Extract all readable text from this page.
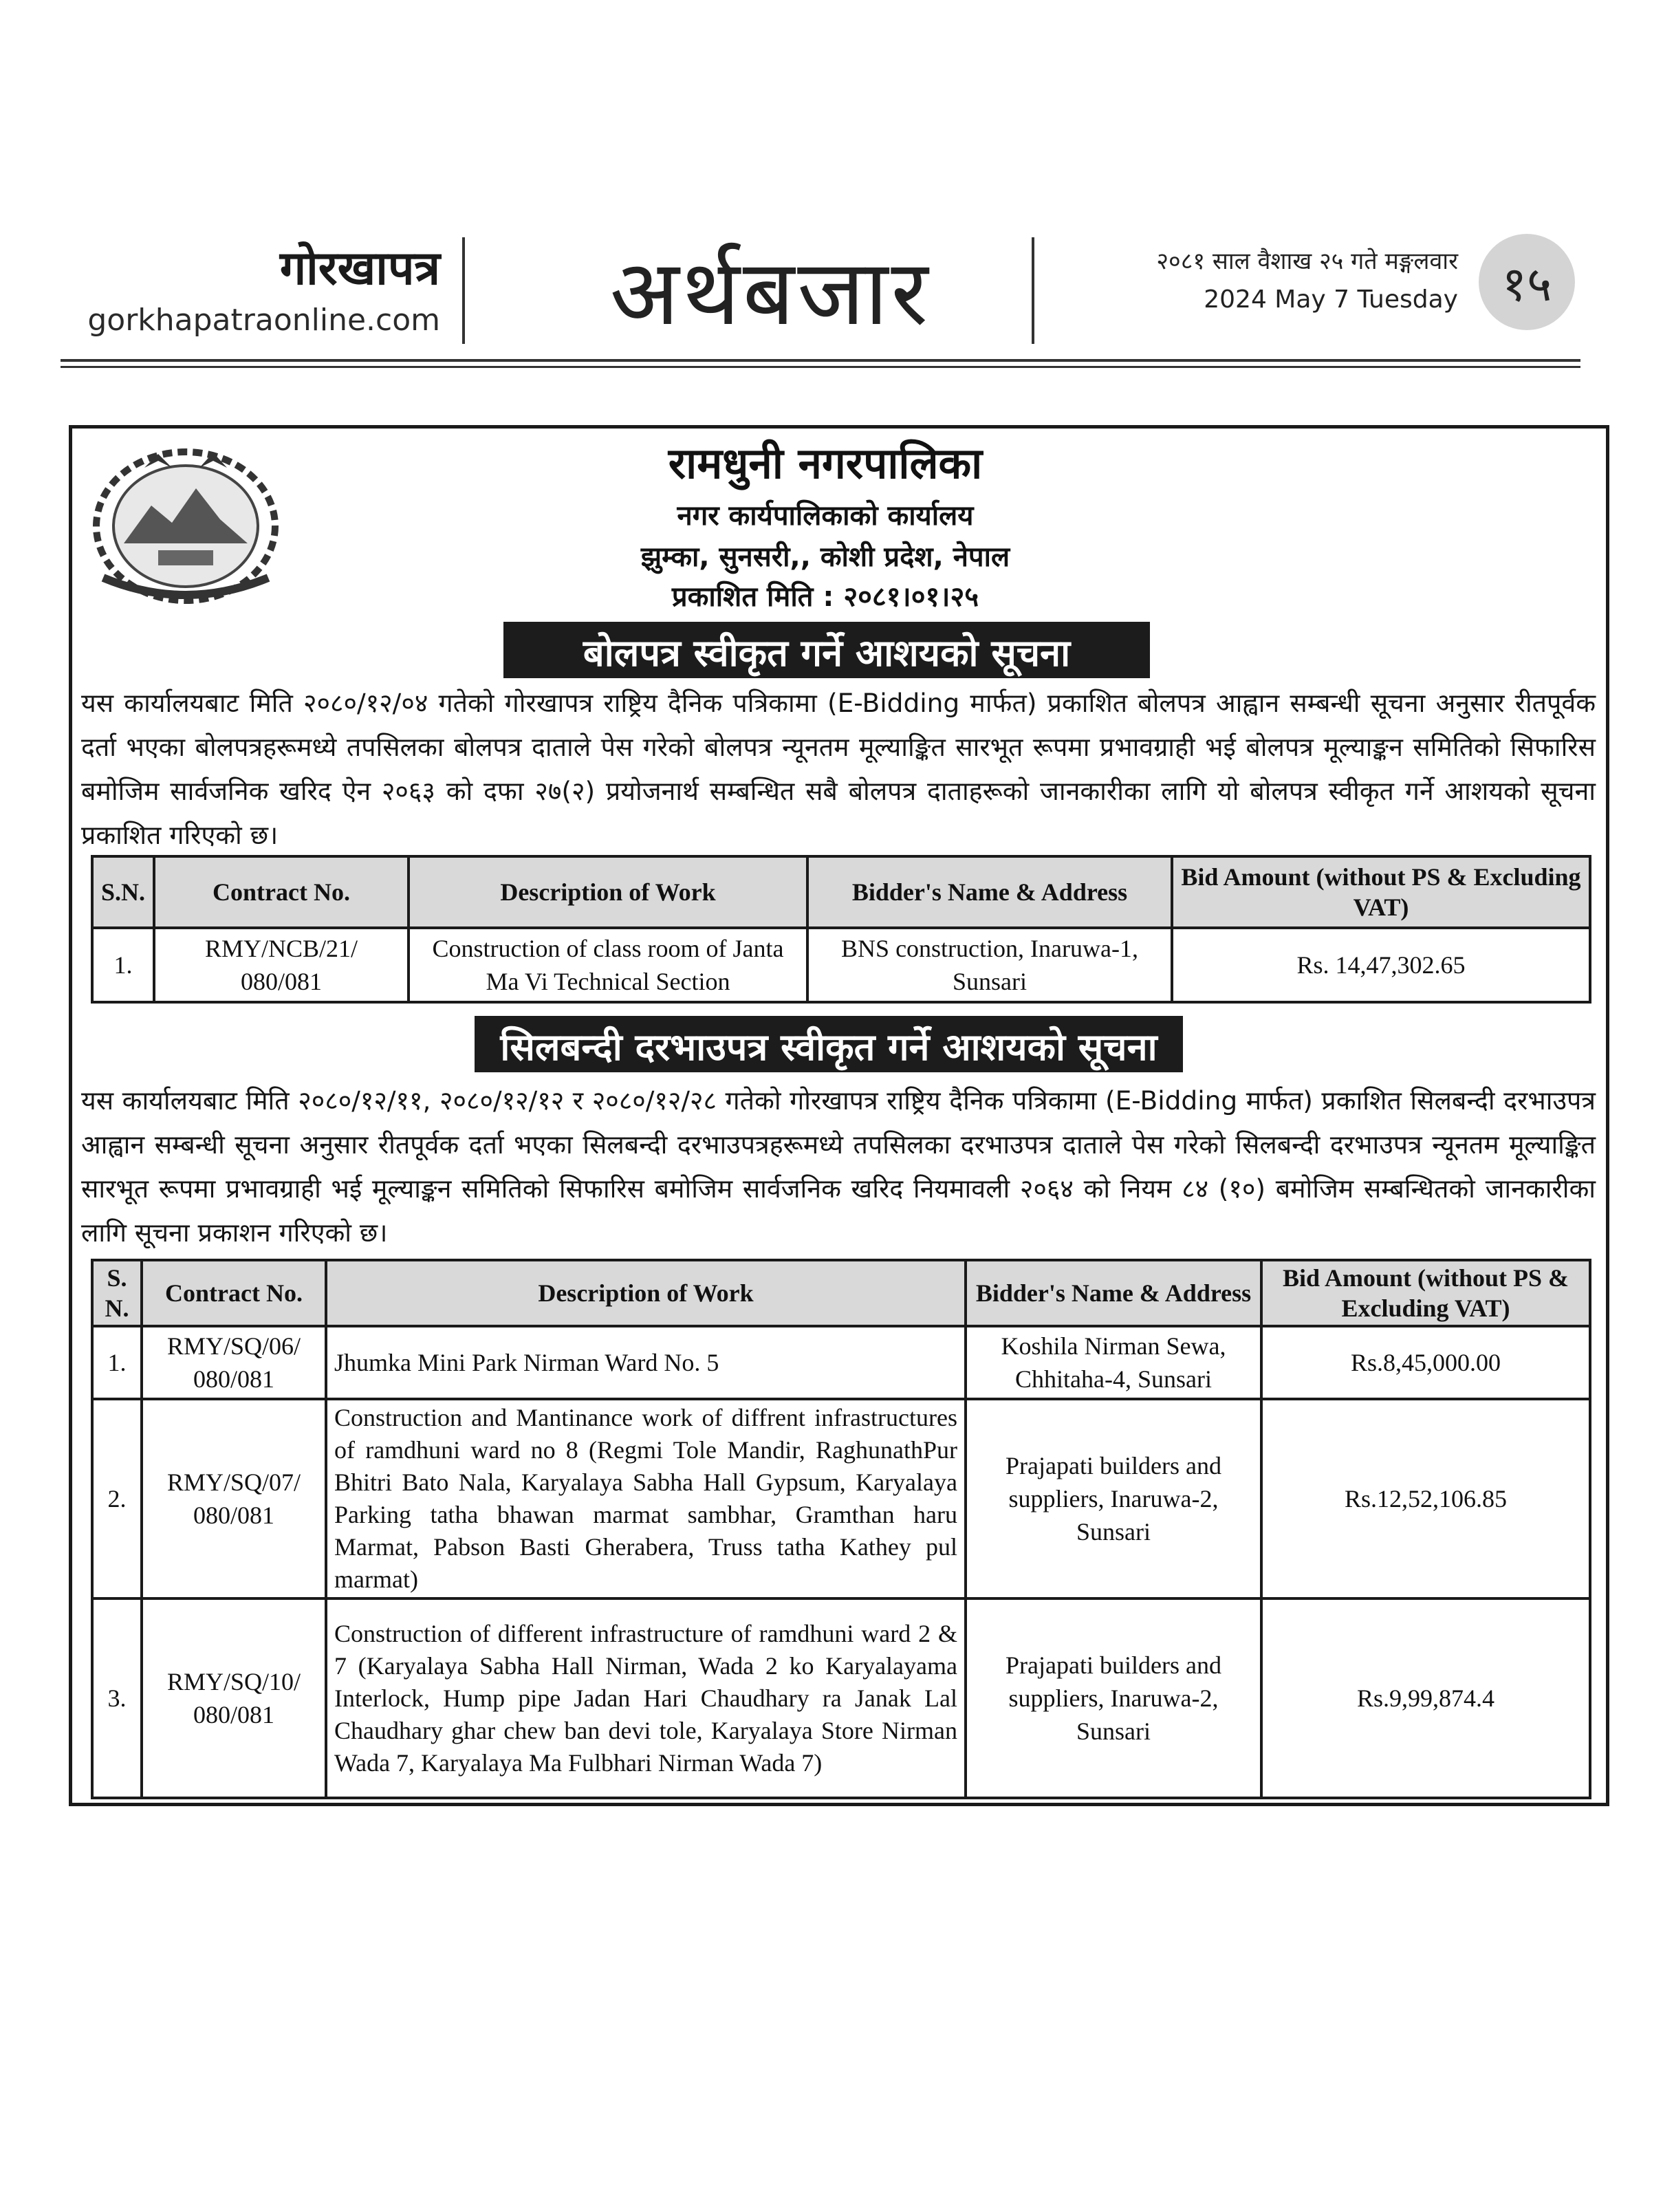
गोरखापत्र
gorkhapatraonline.com	अर्थबजार	२०८१ साल वैशाख २५ गते मङ्गलवार
2024 May 7 Tuesday १५
रामधुनी नगरपालिका
नगर कार्यपालिकाको कार्यालय
झुम्का, सुनसरी,, कोशी प्रदेश, नेपाल
प्रकाशित मिति : २०८१।०१।२५
बोलपत्र स्वीकृत गर्ने आशयको सूचना

यस कार्यालयबाट मिति २०८०/१२/०४ गतेको गोरखापत्र राष्ट्रिय दैनिक पत्रिकामा (E-Bidding मार्फत) प्रकाशित बोलपत्र आह्वान सम्बन्धी सूचना अनुसार रीतपूर्वक दर्ता भएका बोलपत्रहरूमध्ये तपसिलका बोलपत्र दाताले पेस गरेको बोलपत्र न्यूनतम मूल्याङ्कित सारभूत रूपमा प्रभावग्राही भई बोलपत्र मूल्याङ्कन समितिको सिफारिस बमोजिम सार्वजनिक खरिद ऐन २०६३ को दफा २७(२) प्रयोजनार्थ सम्बन्धित सबै बोलपत्र दाताहरूको जानकारीका लागि यो बोलपत्र स्वीकृत गर्ने आशयको सूचना प्रकाशित गरिएको छ।

S.N.	Contract No.	Description of Work	Bidder's Name & Address	Bid Amount (without PS & Excluding VAT)
1.	RMY/NCB/21/ 080/081	Construction of class room of Janta Ma Vi Technical Section	BNS construction, Inaruwa-1, Sunsari	Rs. 14,47,302.65
सिलबन्दी दरभाउपत्र स्वीकृत गर्ने आशयको सूचना

यस कार्यालयबाट मिति २०८०/१२/११, २०८०/१२/१२ र २०८०/१२/२८ गतेको गोरखापत्र राष्ट्रिय दैनिक पत्रिकामा (E-Bidding मार्फत) प्रकाशित सिलबन्दी दरभाउपत्र आह्वान सम्बन्धी सूचना अनुसार रीतपूर्वक दर्ता भएका सिलबन्दी दरभाउपत्रहरूमध्ये तपसिलका दरभाउपत्र दाताले पेस गरेको सिलबन्दी दरभाउपत्र न्यूनतम मूल्याङ्कित सारभूत रूपमा प्रभावग्राही भई मूल्याङ्कन समितिको सिफारिस बमोजिम सार्वजनिक खरिद नियमावली २०६४ को नियम ८४ (१०) बमोजिम सम्बन्धितको जानकारीका लागि सूचना प्रकाशन गरिएको छ।

S. N.	Contract No.	Description of Work	Bidder's Name & Address	Bid Amount (without PS & Excluding VAT)
1.	RMY/SQ/06/ 080/081	Jhumka Mini Park Nirman Ward No. 5	Koshila Nirman Sewa, Chhitaha-4, Sunsari	Rs.8,45,000.00
2.	RMY/SQ/07/ 080/081	Construction and Mantinance work of diffrent infrastructures of ramdhuni ward no 8 (Regmi Tole Mandir, RaghunathPur Bhitri Bato Nala, Karyalaya Sabha Hall Gypsum, Karyalaya Parking tatha bhawan marmat sambhar, Gramthan haru Marmat, Pabson Basti Gherabera, Truss tatha Kathey pul marmat)	Prajapati builders and suppliers, Inaruwa-2, Sunsari	Rs.12,52,106.85
3.	RMY/SQ/10/ 080/081	Construction of different infrastructure of ramdhuni ward 2 & 7 (Karyalaya Sabha Hall Nirman, Wada 2 ko Karyalayama Interlock, Hump pipe Jadan Hari Chaudhary ra Janak Lal Chaudhary ghar chew ban devi tole, Karyalaya Store Nirman Wada 7, Karyalaya Ma Fulbhari Nirman Wada 7)	Prajapati builders and suppliers, Inaruwa-2, Sunsari	Rs.9,99,874.4
